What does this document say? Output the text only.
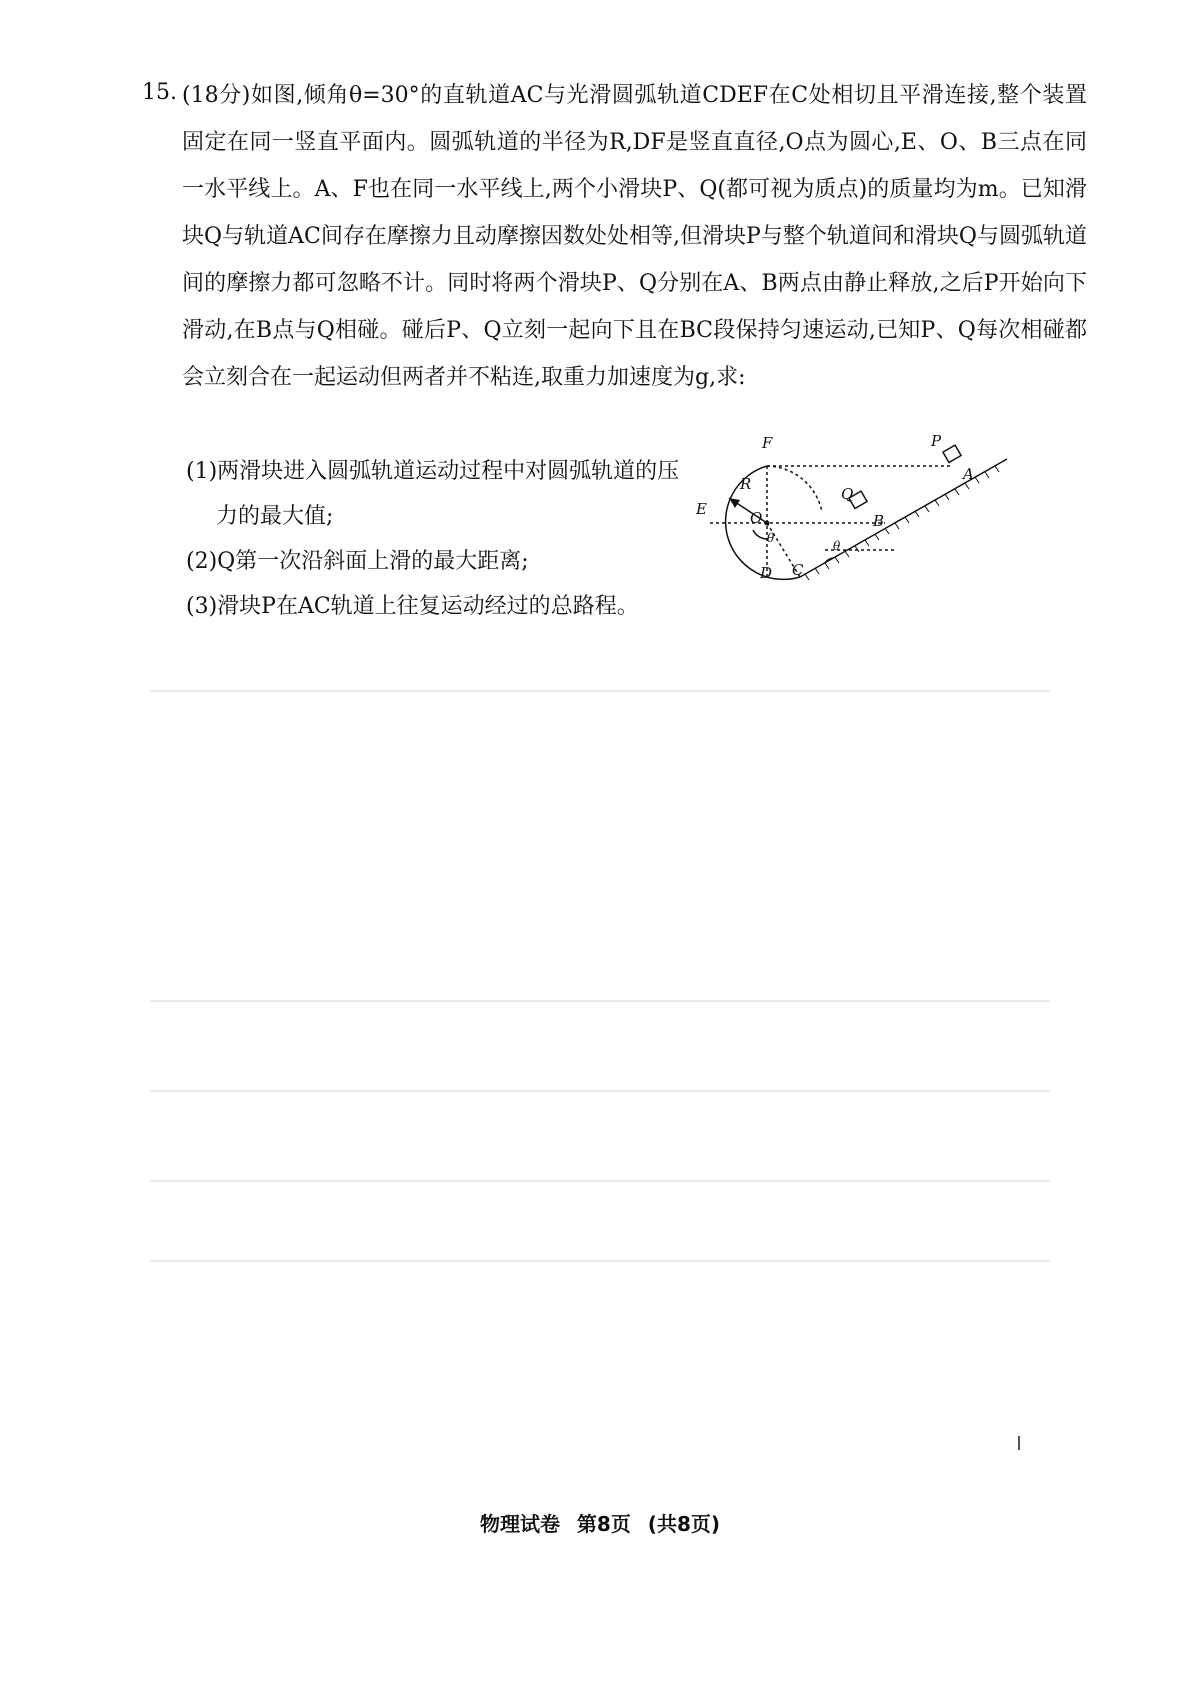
15. (18分)如图,倾角θ=30°的直轨道AC与光滑圆弧轨道CDEF在C处相切且平滑连接,整个装置固定在同一竖直平面内。圆弧轨道的半径为R,DF是竖直直径,O点为圆心,E、O、B三点在同一水平线上。A、F也在同一水平线上,两个小滑块P、Q(都可视为质点)的质量均为m。已知滑块Q与轨道AC间存在摩擦力且动摩擦因数处处相等,但滑块P与整个轨道间和滑块Q与圆弧轨道间的摩擦力都可忽略不计。同时将两个滑块P、Q分别在A、B两点由静止释放,之后P开始向下滑动,在B点与Q相碰。碰后P、Q立刻一起向下且在BC段保持匀速运动,已知P、Q每次相碰都会立刻合在一起运动但两者并不粘连,取重力加速度为g,求:
(1)两滑块进入圆弧轨道运动过程中对圆弧轨道的压
力的最大值;
(2)Q第一次沿斜面上滑的最大距离;
(3)滑块P在AC轨道上往复运动经过的总路程。
F	P
A
R
Q
E	O	B
θ
θ
D C
物理试卷 第8页 (共8页)
